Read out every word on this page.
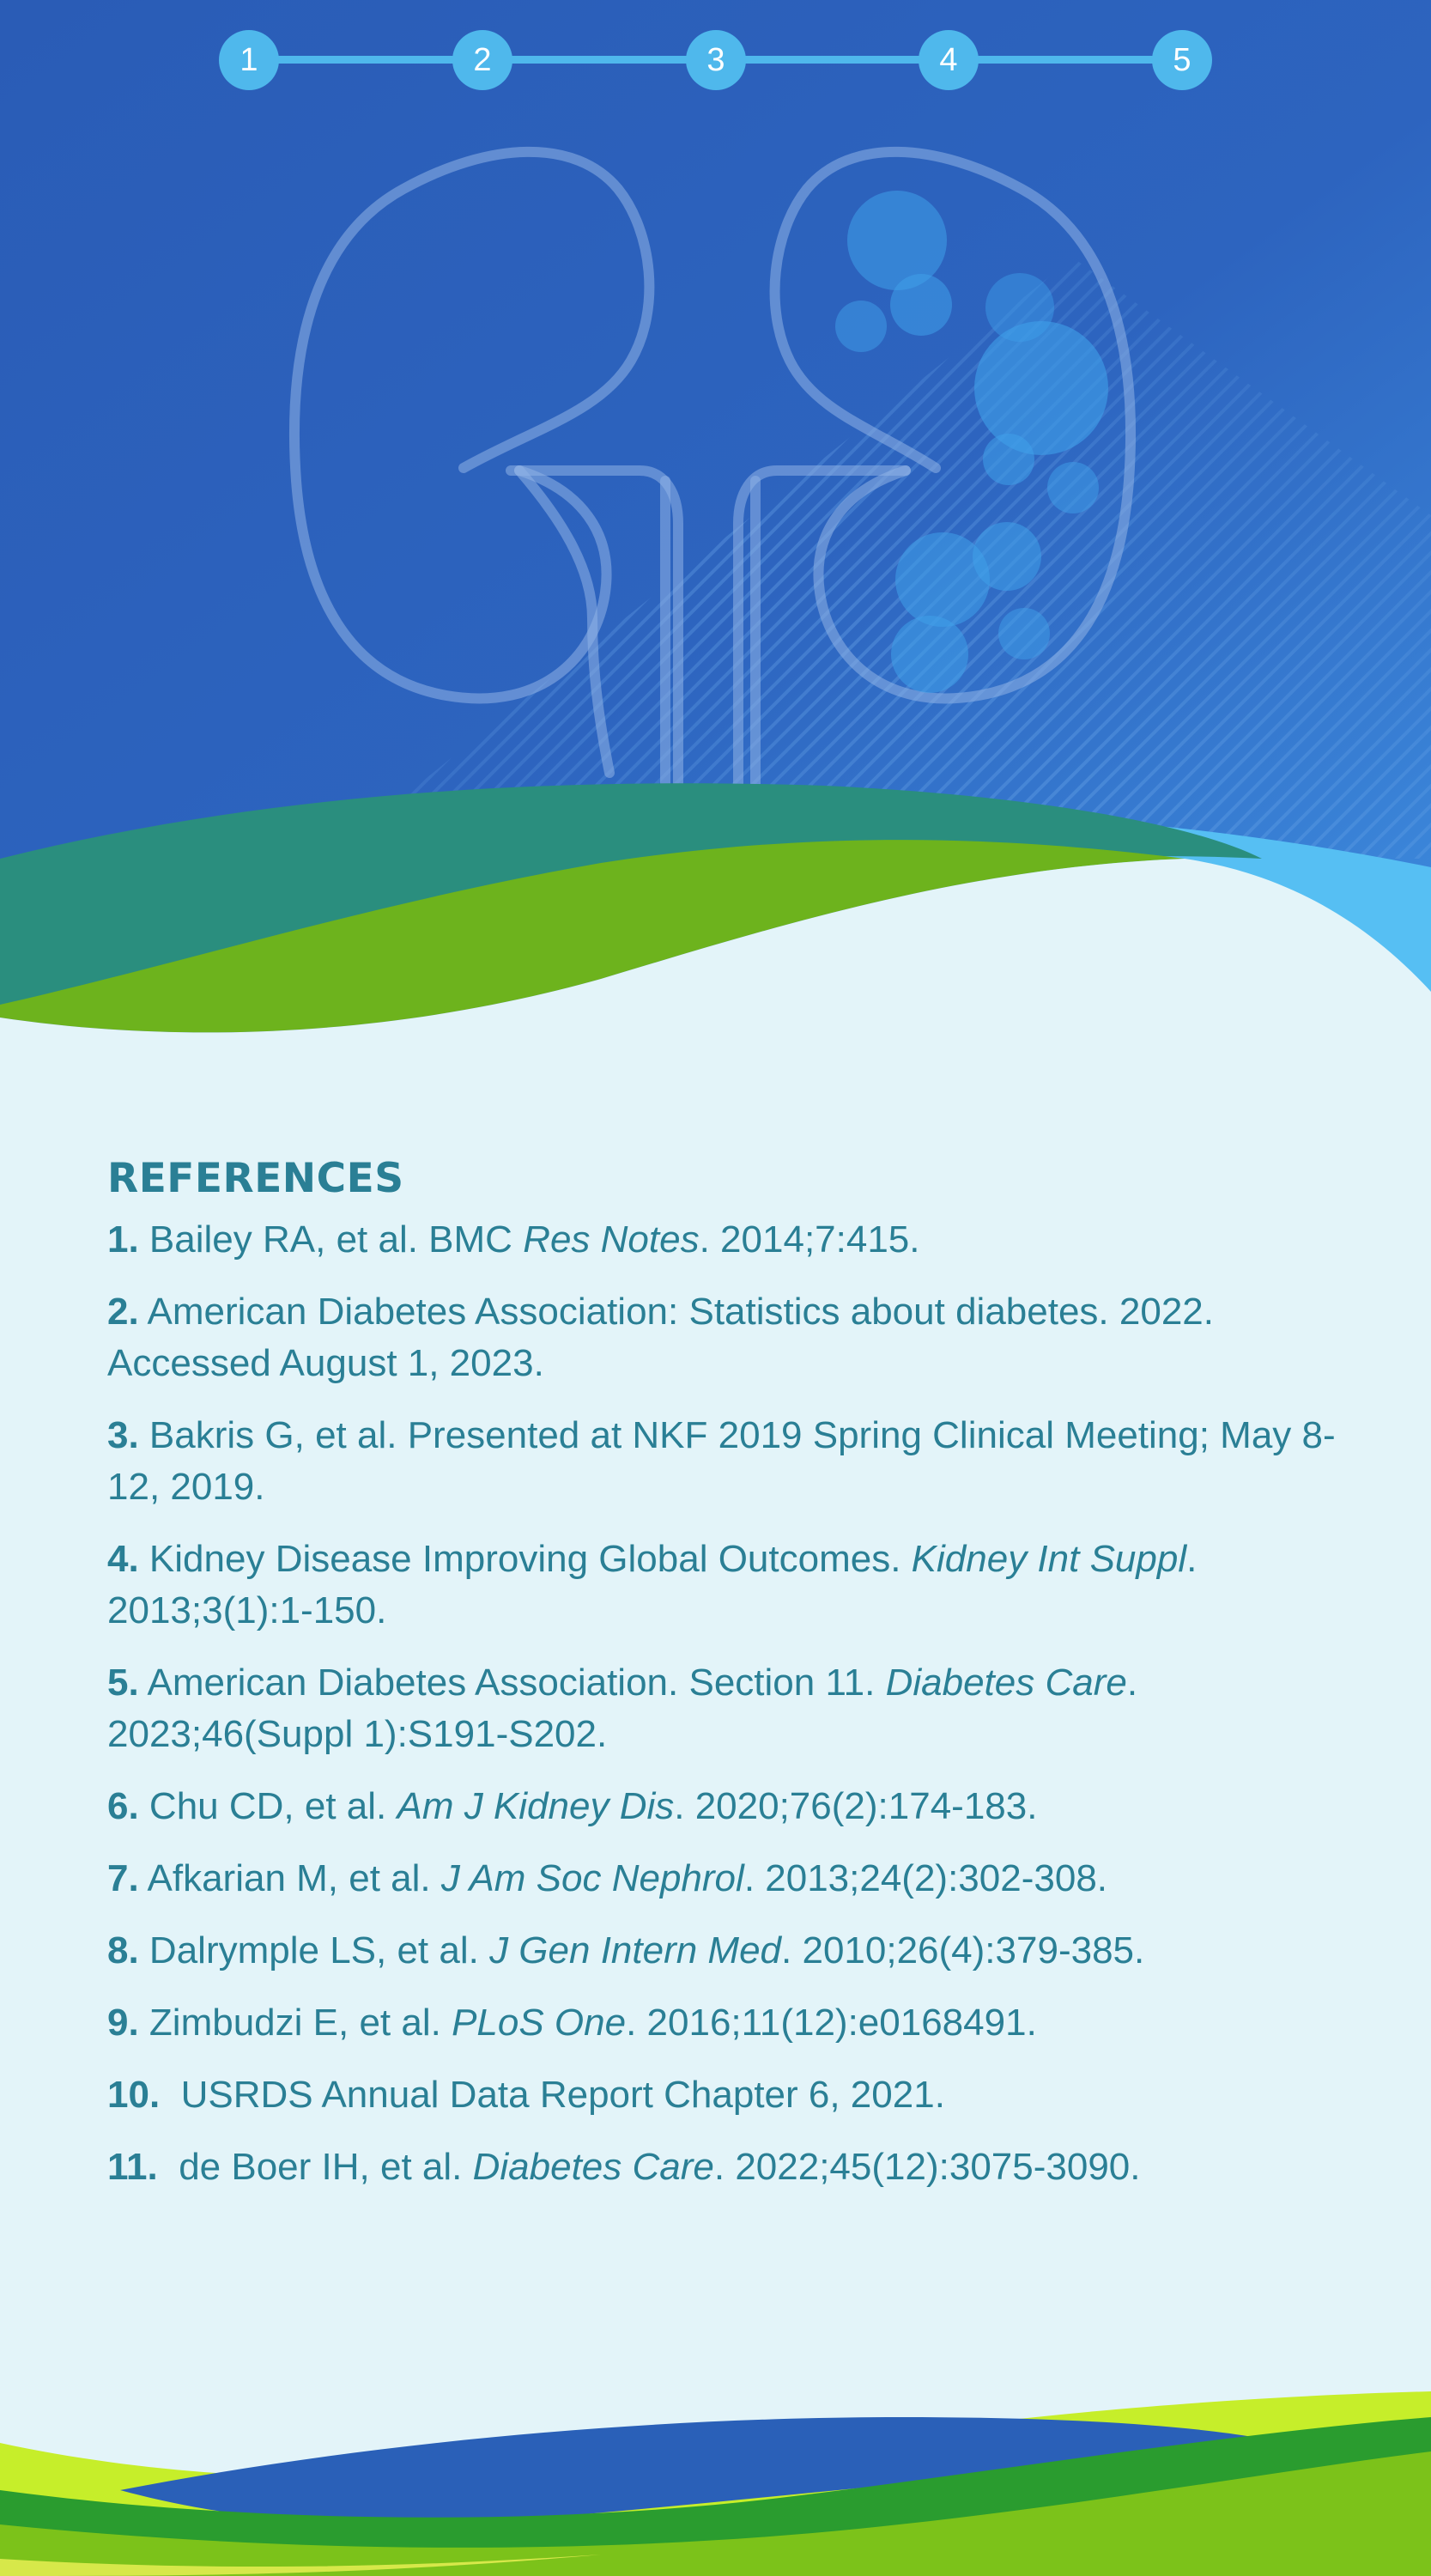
1	2	3	4	5
REFERENCES
1. Bailey RA, et al. BMC Res Notes. 2014;7:415.
2. American Diabetes Association: Statistics about diabetes. 2022. Accessed August 1, 2023.
3. Bakris G, et al. Presented at NKF 2019 Spring Clinical Meeting; May 8-12, 2019.
4. Kidney Disease Improving Global Outcomes. Kidney Int Suppl. 2013;3(1):1-150.
5. American Diabetes Association. Section 11. Diabetes Care. 2023;46(Suppl 1):S191-S202.
6. Chu CD, et al. Am J Kidney Dis. 2020;76(2):174-183.
7. Afkarian M, et al. J Am Soc Nephrol. 2013;24(2):302-308.
8. Dalrymple LS, et al. J Gen Intern Med. 2010;26(4):379-385.
9. Zimbudzi E, et al. PLoS One. 2016;11(12):e0168491.
10.  USRDS Annual Data Report Chapter 6, 2021.
11.  de Boer IH, et al. Diabetes Care. 2022;45(12):3075-3090.
